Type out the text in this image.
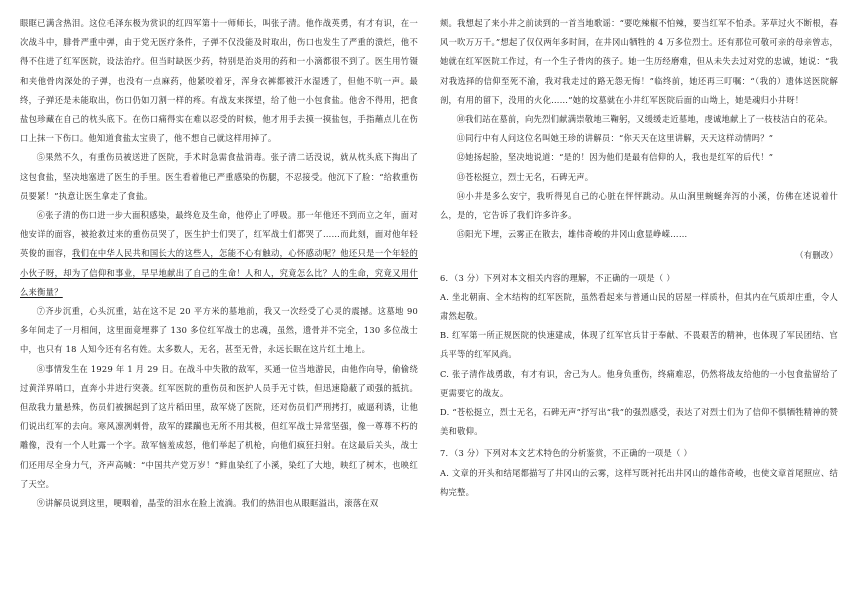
眼眶已满含热泪。这位毛泽东极为赏识的红四军第十一师师长，叫张子清。他作战英勇，有才有识，在一次战斗中，腓骨严重中弹，由于党无医疗条件，子弹不仅没能及时取出，伤口也发生了严重的溃烂，他不得不住进了红军医院，设法治疗。但当时缺医少药，特别是治炎用的药和一小滴都很不到了。医生用竹镊和夹他骨肉深处的子弹，也没有一点麻药，他紧咬着牙，浑身衣裤都被汗水湿透了，但他不吭一声。最终，子弹还是未能取出，伤口仍如刀割一样的疼。有战友来探望，给了他一小包食盐。他舍不得用，把食盐包珍藏在自己的枕头底下。在伤口痛得实在难以忍受的时候，他才用手去摸一摸盐包，手指蘸点儿在伤口上抹一下伤口。他知道食盐太宝贵了，他不想自己就这样用掉了。

⑤果然不久，有重伤员被送进了医院，手术时急需食盐消毒。张子清二话没说，就从枕头底下掏出了这包食盐，坚决地塞进了医生的手里。医生看着他已严重感染的伤腿，不忍接受。他沉下了脸：“给救重伤员要紧！”执意让医生拿走了食盐。

⑥张子清的伤口进一步大面积感染，最终危及生命，他停止了呼吸。那一年他还不到而立之年，面对他安详的面容，被抢救过来的重伤员哭了，医生护士们哭了，红军战士们都哭了……而此刻，面对他年轻英俊的面容，我们在中华人民共和国长大的这些人，怎能不心有触动，心怀感动呢？他还只是一个年轻的小伙子呀，却为了信仰和事业，早早地献出了自己的生命！人和人，究竟怎么比？人的生命，究竟又用什么来衡量？

⑦齐步沉重，心头沉重，站在这不足 20 平方米的墓地前，我又一次经受了心灵的震撼。这墓地 90 多年间走了一月相间，这里面竟埋葬了 130 多位红军战士的忠魂，虽然，遗骨并不完全，130 多位战士中，也只有 18 人知今还有名有姓。太多数人，无名，甚至无骨，永远长眠在这片红土地上。

⑧事情发生在 1929 年 1 月 29 日。在战斗中失散的敌军，买通一位当地游民，由他作向导，偷偷绕过黄洋界哨口，直奔小井进行突袭。红军医院的重伤员和医护人员手无寸铁，但迅速隐蔽了顽强的抵抗。但敌我力量悬殊，伤员们被捆起到了这片稻田里，敌军烧了医院，还对伤员们严刑拷打，威逼利诱，让他们说出红军的去向。寒风凛冽刺骨，敌军的蹂躏也无所不用其极，但红军战士异常坚强，像一尊尊不朽的雕像，没有一个人吐露一个字。敌军恼羞成怒，他们举起了机枪，向他们疯狂扫射。在这最后关头，战士们还用尽全身力气，齐声高喊：“中国共产党万岁！”鲜血染红了小溪，染红了大地，映红了树木，也映红了天空。

⑨讲解员说到这里，哽咽着，晶莹的泪水在脸上流淌。我们的热泪也从眼眶溢出，滚落在双

颊。我想起了来小井之前读到的一首当地歌谣：“要吃辣椒不怕辣，要当红军不怕杀。茅草过火不断根，春风一吹万万千。”想起了仅仅两年多时间，在井冈山牺牲的 4 万多位烈士。还有那位可敬可亲的母亲曾志，她就在红军医院工作过，有一个生子骨肉的孩子。她一生历经磨难，但从未失去过对党的忠诚，她说：“我对我选择的信仰至死不渝，我对我走过的路无怨无悔！”临终前，她还再三叮嘱：“（我的）遗体送医院解剖，有用的留下，没用的火化……”她的坟墓就在小井红军医院后面的山坳上，她是魂归小井呀！

⑩我们站在墓前，向先烈们献满崇敬地三鞠躬，又缓缓走近墓地，虔诚地献上了一枝枝洁白的花朵。

⑪同行中有人问这位名叫她王珍的讲解员：“你天天在这里讲解，天天这样动情吗？”

⑫她扬起脸，坚决地说道：“是的！因为他们是最有信仰的人，我也是红军的后代！”

⑬苍松挺立，烈士无名，石碑无声。

⑭小井是多么安宁，我听得见自己的心脏在怦怦跳动。从山涧里蜿蜒奔泻的小溪，仿佛在述说着什么，是的，它告诉了我们许多许多。

⑮阳光下埋，云雾正在散去，雄伟奇峻的井冈山愈显峥嵘……

（有删改）

6．（3 分）下列对本文相关内容的理解，不正确的一项是（ ）

A. 坐北朝南、全木结构的红军医院，虽然看起来与普通山民的居屋一样质朴，但其内在气质却庄重，令人肃然起敬。

B. 红军第一所正规医院的快速建成，体现了红军官兵甘于奉献、不畏艰苦的精神，也体现了军民团结、官兵平等的红军风尚。

C. 张子清作战勇敢，有才有识，舍己为人。他身负重伤，终痛难忍，仍然将战友给他的一小包食盐留给了更需要它的战友。

D. “苍松挺立，烈士无名，石碑无声”抒写出“我”的强烈感受，表达了对烈士们为了信仰不惧牺牲精神的赞美和敬仰。

7．（3 分）下列对本文艺术特色的分析鉴赏，不正确的一项是（ ）

A. 文章的开头和结尾都描写了井冈山的云雾，这样写既衬托出井冈山的雄伟奇峻，也使文章首尾照应、结构完整。
